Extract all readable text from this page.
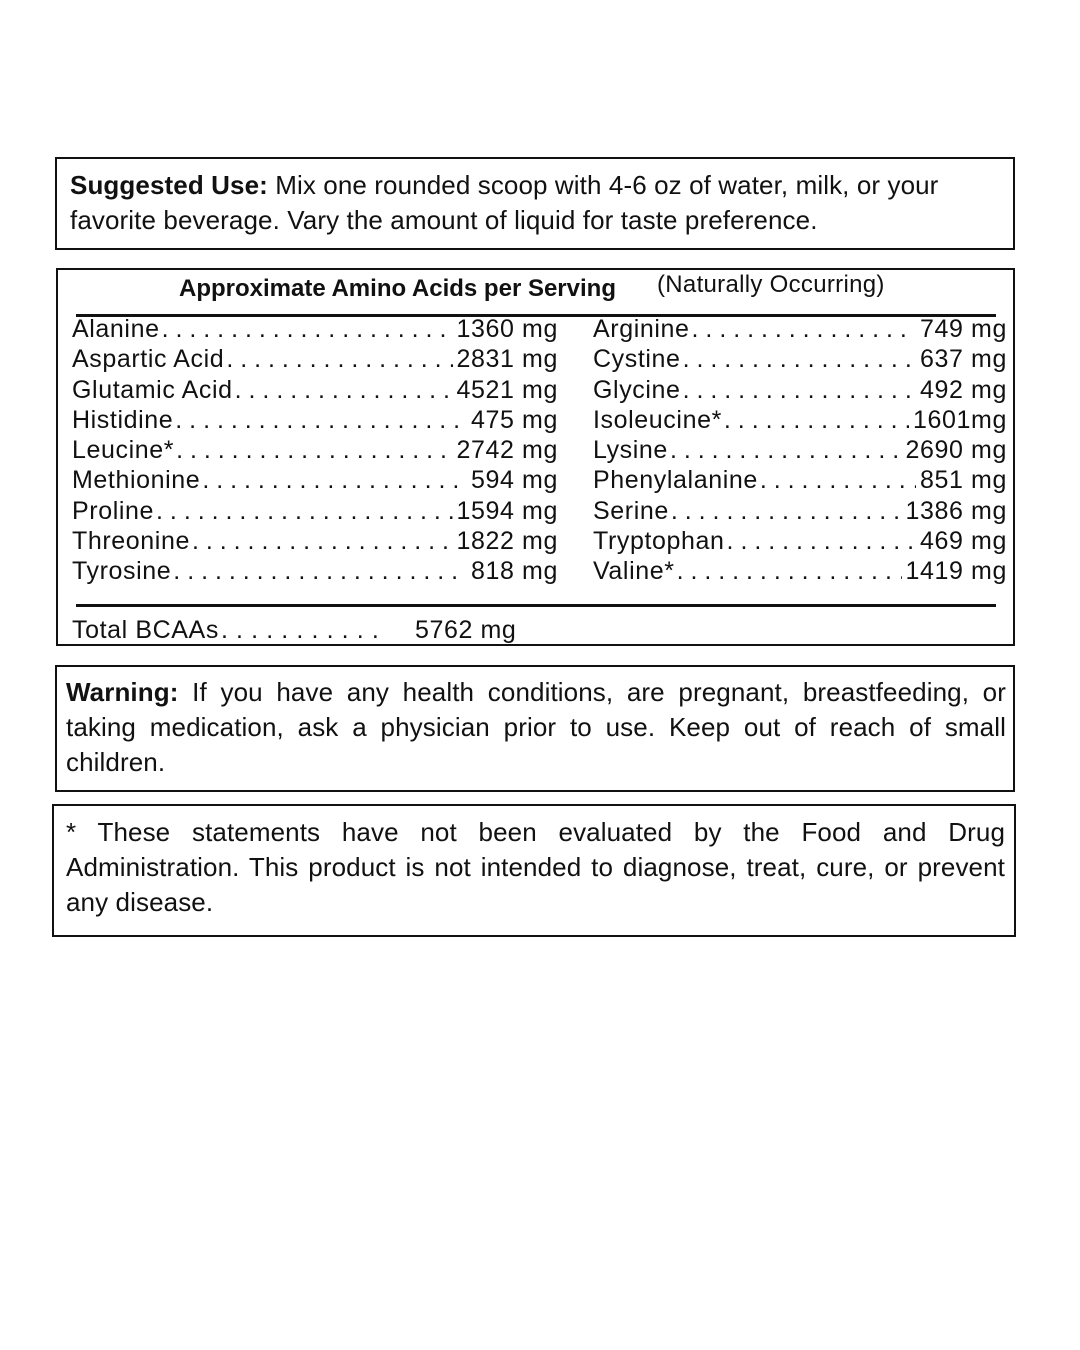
Suggested Use: Mix one rounded scoop with 4-6 oz of water, milk, or your favorite beverage. Vary the amount of liquid for taste preference.
Approximate Amino Acids per Serving (Naturally Occurring)
Alanine . . .	1360 mg
Aspartic Acid . . .	2831 mg
Glutamic Acid . . .	4521 mg
Histidine . . .	475 mg
Leucine* . . .	2742 mg
Methionine . . .	594 mg
Proline . . .	1594 mg
Threonine . . .	1822 mg
Tyrosine . . .	818 mg
Arginine . . .	749 mg
Cystine . . .	637 mg
Glycine . . .	492 mg
Isoleucine* . . .	1601mg
Lysine . . .	2690 mg
Phenylalanine . . .	851 mg
Serine . . .	1386 mg
Tryptophan . . .	469 mg
Valine* . . .	1419 mg
Total BCAAs . . .	5762 mg
Warning: If you have any health conditions, are pregnant, breastfeeding, or taking medication, ask a physician prior to use. Keep out of reach of small children.
* These statements have not been evaluated by the Food and Drug Administration. This product is not intended to diagnose, treat, cure, or prevent any disease.
